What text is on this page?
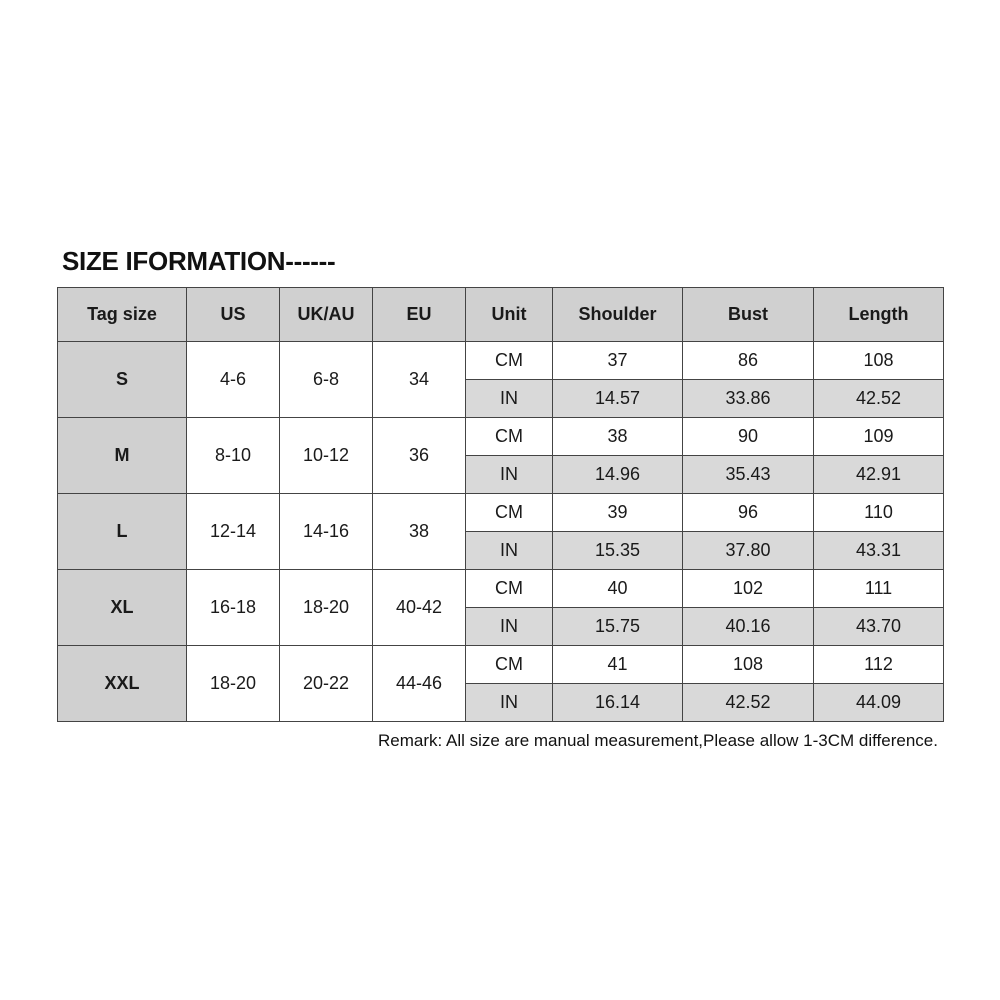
SIZE IFORMATION------
Tag size	US	UK/AU	EU	Unit	Shoulder	Bust	Length
S	4-6	6-8	34	CM	37	86	108
				IN	14.57	33.86	42.52
M	8-10	10-12	36	CM	38	90	109
				IN	14.96	35.43	42.91
L	12-14	14-16	38	CM	39	96	110
				IN	15.35	37.80	43.31
XL	16-18	18-20	40-42	CM	40	102	111
				IN	15.75	40.16	43.70
XXL	18-20	20-22	44-46	CM	41	108	112
				IN	16.14	42.52	44.09
Remark: All size are manual measurement,Please allow 1-3CM difference.
